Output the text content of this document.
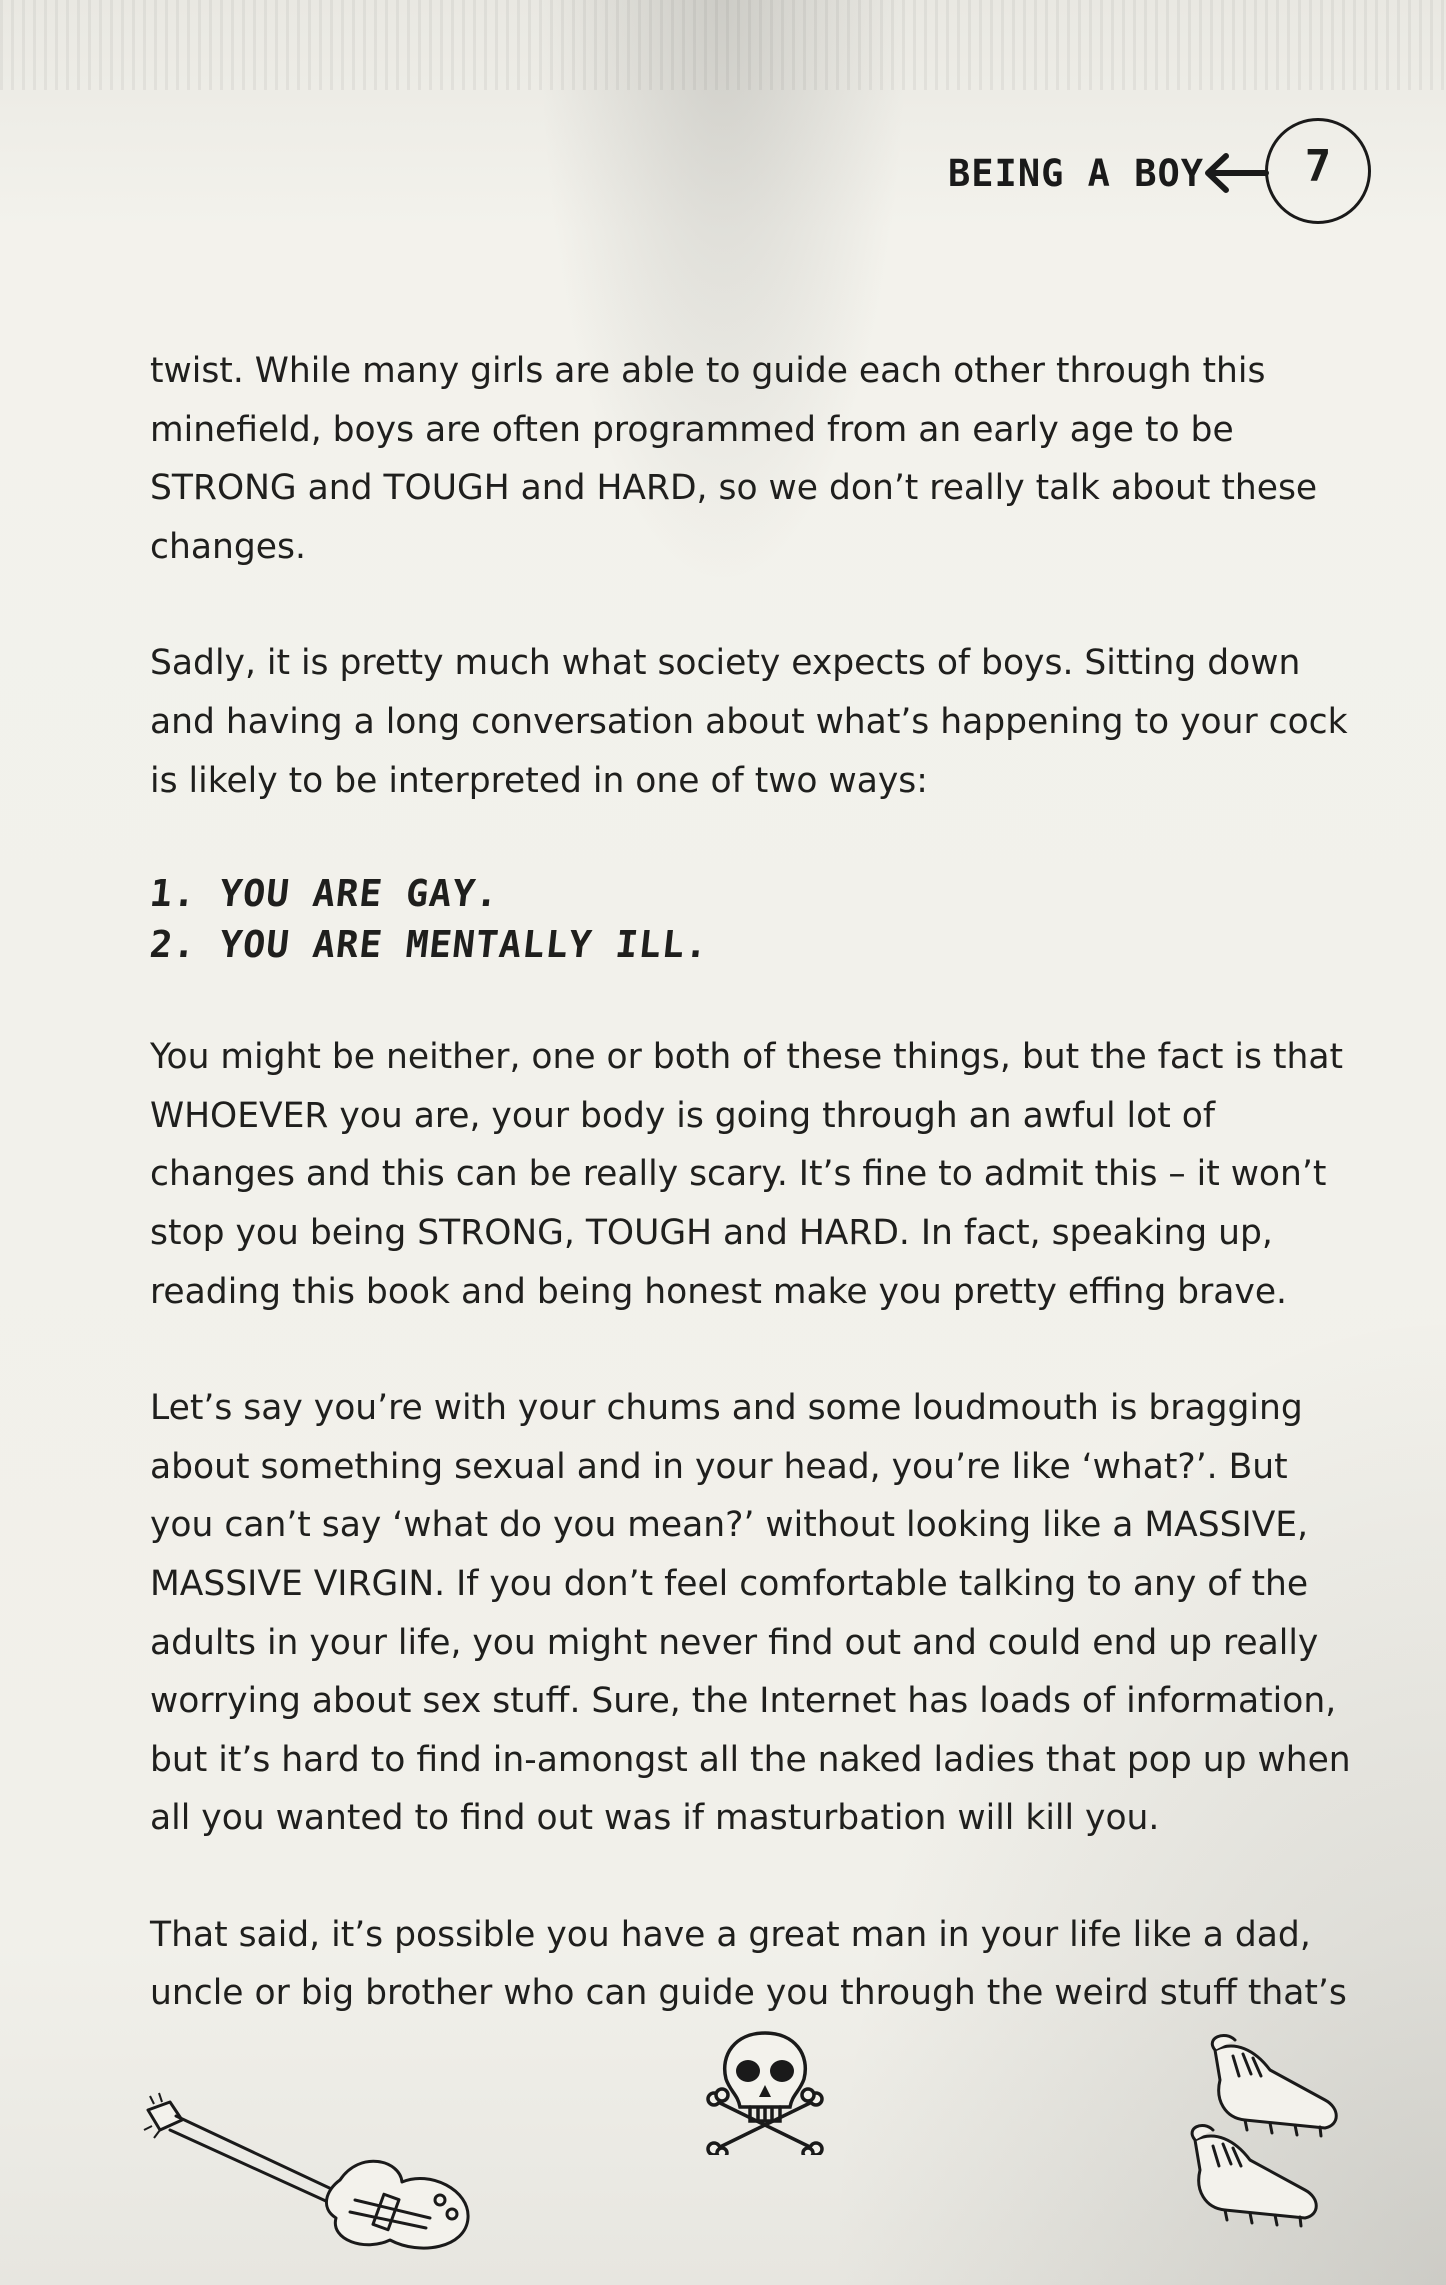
BEING A BOY	7

twist. While many girls are able to guide each other through this minefield, boys are often programmed from an early age to be STRONG and TOUGH and HARD, so we don’t really talk about these changes.

Sadly, it is pretty much what society expects of boys. Sitting down and having a long conversation about what’s happening to your cock is likely to be interpreted in one of two ways:

1. YOU ARE GAY.
2. YOU ARE MENTALLY ILL.

You might be neither, one or both of these things, but the fact is that WHOEVER you are, your body is going through an awful lot of changes and this can be really scary. It’s fine to admit this – it won’t stop you being STRONG, TOUGH and HARD. In fact, speaking up, reading this book and being honest make you pretty effing brave.

Let’s say you’re with your chums and some loudmouth is bragging about something sexual and in your head, you’re like ‘what?’. But you can’t say ‘what do you mean?’ without looking like a MASSIVE, MASSIVE VIRGIN. If you don’t feel comfortable talking to any of the adults in your life, you might never find out and could end up really worrying about sex stuff. Sure, the Internet has loads of information, but it’s hard to find in-amongst all the naked ladies that pop up when all you wanted to find out was if masturbation will kill you.

That said, it’s possible you have a great man in your life like a dad, uncle or big brother who can guide you through the weird stuff that’s
